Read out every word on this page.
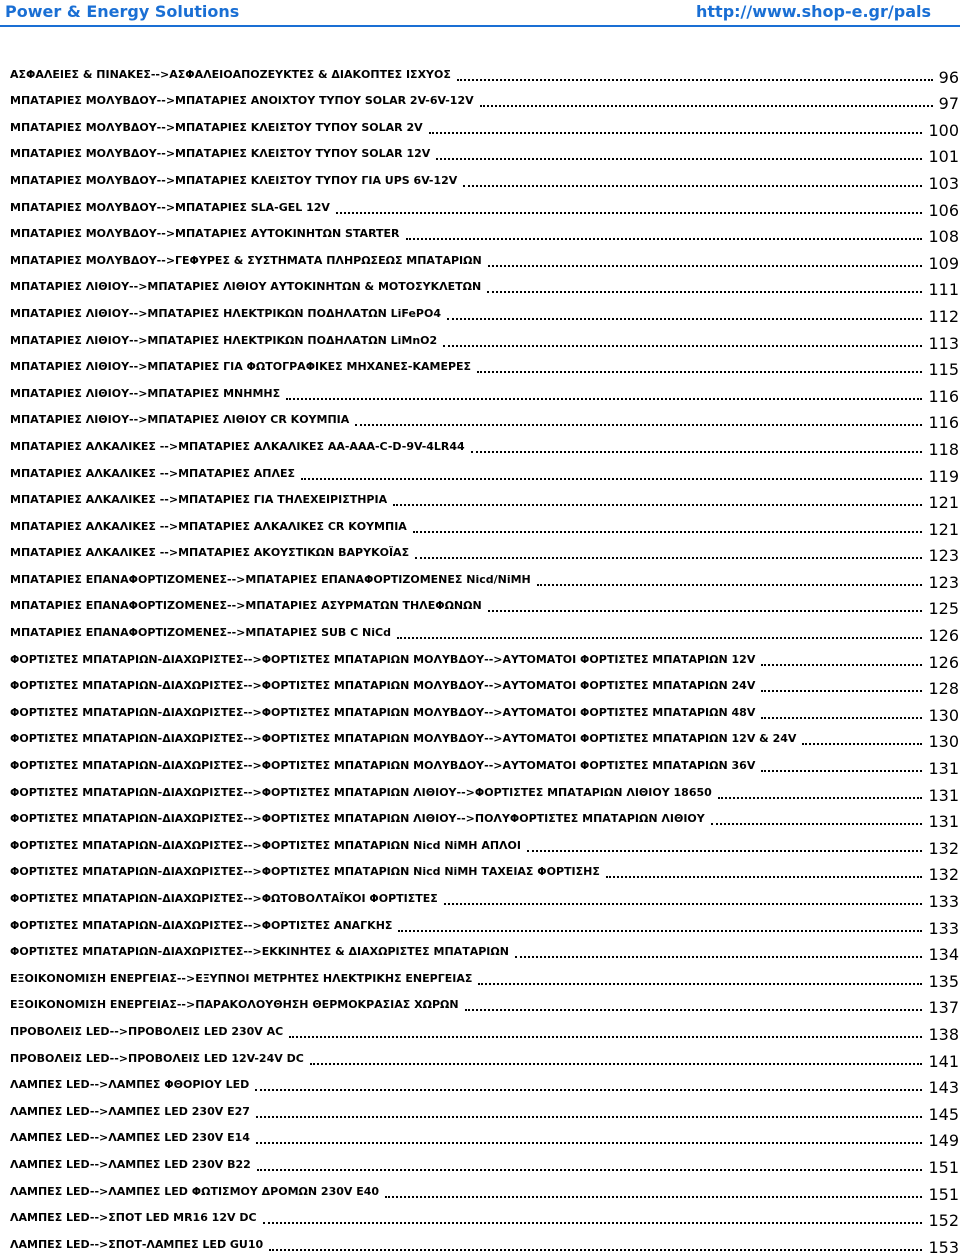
Power & Energy Solutions	http://www.shop-e.gr/pals
ΑΣΦΑΛΕΙΕΣ & ΠΙΝΑΚΕΣ-->ΑΣΦΑΛΕΙΟΑΠΟΖΕΥΚΤΕΣ & ΔΙΑΚΟΠΤΕΣ ΙΣΧΥΟΣ	96
ΜΠΑΤΑΡΙΕΣ ΜΟΛΥΒΔΟΥ-->ΜΠΑΤΑΡΙΕΣ ΑΝΟΙΧΤΟΥ ΤΥΠΟΥ SOLAR 2V-6V-12V	97
ΜΠΑΤΑΡΙΕΣ ΜΟΛΥΒΔΟΥ-->ΜΠΑΤΑΡΙΕΣ ΚΛΕΙΣΤΟΥ ΤΥΠΟΥ SOLAR 2V	100
ΜΠΑΤΑΡΙΕΣ ΜΟΛΥΒΔΟΥ-->ΜΠΑΤΑΡΙΕΣ ΚΛΕΙΣΤΟΥ ΤΥΠΟΥ SOLAR 12V	101
ΜΠΑΤΑΡΙΕΣ ΜΟΛΥΒΔΟΥ-->ΜΠΑΤΑΡΙΕΣ ΚΛΕΙΣΤΟΥ ΤΥΠΟΥ ΓΙΑ UPS 6V-12V	103
ΜΠΑΤΑΡΙΕΣ ΜΟΛΥΒΔΟΥ-->ΜΠΑΤΑΡΙΕΣ SLA-GEL 12V	106
ΜΠΑΤΑΡΙΕΣ ΜΟΛΥΒΔΟΥ-->ΜΠΑΤΑΡΙΕΣ ΑΥΤΟΚΙΝΗΤΩΝ STARTER	108
ΜΠΑΤΑΡΙΕΣ ΜΟΛΥΒΔΟΥ-->ΓΕΦΥΡΕΣ & ΣΥΣΤΗΜΑΤΑ ΠΛΗΡΩΣΕΩΣ ΜΠΑΤΑΡΙΩΝ	109
ΜΠΑΤΑΡΙΕΣ ΛΙΘΙΟΥ-->ΜΠΑΤΑΡΙΕΣ ΛΙΘΙΟΥ ΑΥΤΟΚΙΝΗΤΩΝ & ΜΟΤΟΣΥΚΛΕΤΩΝ	111
ΜΠΑΤΑΡΙΕΣ ΛΙΘΙΟΥ-->ΜΠΑΤΑΡΙΕΣ ΗΛΕΚΤΡΙΚΩΝ ΠΟΔΗΛΑΤΩΝ LiFePO4	112
ΜΠΑΤΑΡΙΕΣ ΛΙΘΙΟΥ-->ΜΠΑΤΑΡΙΕΣ ΗΛΕΚΤΡΙΚΩΝ ΠΟΔΗΛΑΤΩΝ LiMnO2	113
ΜΠΑΤΑΡΙΕΣ ΛΙΘΙΟΥ-->ΜΠΑΤΑΡΙΕΣ ΓΙΑ ΦΩΤΟΓΡΑΦΙΚΕΣ ΜΗΧΑΝΕΣ-ΚΑΜΕΡΕΣ	115
ΜΠΑΤΑΡΙΕΣ ΛΙΘΙΟΥ-->ΜΠΑΤΑΡΙΕΣ ΜΝΗΜΗΣ	116
ΜΠΑΤΑΡΙΕΣ ΛΙΘΙΟΥ-->ΜΠΑΤΑΡΙΕΣ ΛΙΘΙΟΥ CR ΚΟΥΜΠΙΑ	116
ΜΠΑΤΑΡΙΕΣ ΑΛΚΑΛΙΚΕΣ -->ΜΠΑΤΑΡΙΕΣ ΑΛΚΑΛΙΚΕΣ AA-AAA-C-D-9V-4LR44	118
ΜΠΑΤΑΡΙΕΣ ΑΛΚΑΛΙΚΕΣ -->ΜΠΑΤΑΡΙΕΣ ΑΠΛΕΣ	119
ΜΠΑΤΑΡΙΕΣ ΑΛΚΑΛΙΚΕΣ -->ΜΠΑΤΑΡΙΕΣ ΓΙΑ ΤΗΛΕΧΕΙΡΙΣΤΗΡΙΑ	121
ΜΠΑΤΑΡΙΕΣ ΑΛΚΑΛΙΚΕΣ -->ΜΠΑΤΑΡΙΕΣ ΑΛΚΑΛΙΚΕΣ CR ΚΟΥΜΠΙΑ	121
ΜΠΑΤΑΡΙΕΣ ΑΛΚΑΛΙΚΕΣ -->ΜΠΑΤΑΡΙΕΣ ΑΚΟΥΣΤΙΚΩΝ ΒΑΡΥΚΟΪΑΣ	123
ΜΠΑΤΑΡΙΕΣ ΕΠΑΝΑΦΟΡΤΙΖΟΜΕΝΕΣ-->ΜΠΑΤΑΡΙΕΣ ΕΠΑΝΑΦΟΡΤΙΖΟΜΕΝΕΣ Nicd/NiMH	123
ΜΠΑΤΑΡΙΕΣ ΕΠΑΝΑΦΟΡΤΙΖΟΜΕΝΕΣ-->ΜΠΑΤΑΡΙΕΣ ΑΣΥΡΜΑΤΩΝ ΤΗΛΕΦΩΝΩΝ	125
ΜΠΑΤΑΡΙΕΣ ΕΠΑΝΑΦΟΡΤΙΖΟΜΕΝΕΣ-->ΜΠΑΤΑΡΙΕΣ SUB C NiCd	126
ΦΟΡΤΙΣΤΕΣ ΜΠΑΤΑΡΙΩΝ-ΔΙΑΧΩΡΙΣΤΕΣ-->ΦΟΡΤΙΣΤΕΣ ΜΠΑΤΑΡΙΩΝ ΜΟΛΥΒΔΟΥ-->ΑΥΤΟΜΑΤΟΙ ΦΟΡΤΙΣΤΕΣ ΜΠΑΤΑΡΙΩΝ 12V	126
ΦΟΡΤΙΣΤΕΣ ΜΠΑΤΑΡΙΩΝ-ΔΙΑΧΩΡΙΣΤΕΣ-->ΦΟΡΤΙΣΤΕΣ ΜΠΑΤΑΡΙΩΝ ΜΟΛΥΒΔΟΥ-->ΑΥΤΟΜΑΤΟΙ ΦΟΡΤΙΣΤΕΣ ΜΠΑΤΑΡΙΩΝ 24V	128
ΦΟΡΤΙΣΤΕΣ ΜΠΑΤΑΡΙΩΝ-ΔΙΑΧΩΡΙΣΤΕΣ-->ΦΟΡΤΙΣΤΕΣ ΜΠΑΤΑΡΙΩΝ ΜΟΛΥΒΔΟΥ-->ΑΥΤΟΜΑΤΟΙ ΦΟΡΤΙΣΤΕΣ ΜΠΑΤΑΡΙΩΝ 48V	130
ΦΟΡΤΙΣΤΕΣ ΜΠΑΤΑΡΙΩΝ-ΔΙΑΧΩΡΙΣΤΕΣ-->ΦΟΡΤΙΣΤΕΣ ΜΠΑΤΑΡΙΩΝ ΜΟΛΥΒΔΟΥ-->ΑΥΤΟΜΑΤΟΙ ΦΟΡΤΙΣΤΕΣ ΜΠΑΤΑΡΙΩΝ 12V & 24V	130
ΦΟΡΤΙΣΤΕΣ ΜΠΑΤΑΡΙΩΝ-ΔΙΑΧΩΡΙΣΤΕΣ-->ΦΟΡΤΙΣΤΕΣ ΜΠΑΤΑΡΙΩΝ ΜΟΛΥΒΔΟΥ-->ΑΥΤΟΜΑΤΟΙ ΦΟΡΤΙΣΤΕΣ ΜΠΑΤΑΡΙΩΝ 36V	131
ΦΟΡΤΙΣΤΕΣ ΜΠΑΤΑΡΙΩΝ-ΔΙΑΧΩΡΙΣΤΕΣ-->ΦΟΡΤΙΣΤΕΣ ΜΠΑΤΑΡΙΩΝ ΛΙΘΙΟΥ-->ΦΟΡΤΙΣΤΕΣ ΜΠΑΤΑΡΙΩΝ ΛΙΘΙΟΥ 18650	131
ΦΟΡΤΙΣΤΕΣ ΜΠΑΤΑΡΙΩΝ-ΔΙΑΧΩΡΙΣΤΕΣ-->ΦΟΡΤΙΣΤΕΣ ΜΠΑΤΑΡΙΩΝ ΛΙΘΙΟΥ-->ΠΟΛΥΦΟΡΤΙΣΤΕΣ ΜΠΑΤΑΡΙΩΝ ΛΙΘΙΟΥ	131
ΦΟΡΤΙΣΤΕΣ ΜΠΑΤΑΡΙΩΝ-ΔΙΑΧΩΡΙΣΤΕΣ-->ΦΟΡΤΙΣΤΕΣ ΜΠΑΤΑΡΙΩΝ Nicd NiMH ΑΠΛΟΙ	132
ΦΟΡΤΙΣΤΕΣ ΜΠΑΤΑΡΙΩΝ-ΔΙΑΧΩΡΙΣΤΕΣ-->ΦΟΡΤΙΣΤΕΣ ΜΠΑΤΑΡΙΩΝ Nicd NiMH ΤΑΧΕΙΑΣ ΦΟΡΤΙΣΗΣ	132
ΦΟΡΤΙΣΤΕΣ ΜΠΑΤΑΡΙΩΝ-ΔΙΑΧΩΡΙΣΤΕΣ-->ΦΩΤΟΒΟΛΤΑΪΚΟΙ ΦΟΡΤΙΣΤΕΣ	133
ΦΟΡΤΙΣΤΕΣ ΜΠΑΤΑΡΙΩΝ-ΔΙΑΧΩΡΙΣΤΕΣ-->ΦΟΡΤΙΣΤΕΣ ΑΝΑΓΚΗΣ	133
ΦΟΡΤΙΣΤΕΣ ΜΠΑΤΑΡΙΩΝ-ΔΙΑΧΩΡΙΣΤΕΣ-->ΕΚΚΙΝΗΤΕΣ & ΔΙΑΧΩΡΙΣΤΕΣ ΜΠΑΤΑΡΙΩΝ	134
ΕΞΟΙΚΟΝΟΜΙΣΗ ΕΝΕΡΓΕΙΑΣ-->ΕΞΥΠΝΟΙ ΜΕΤΡΗΤΕΣ ΗΛΕΚΤΡΙΚΗΣ ΕΝΕΡΓΕΙΑΣ	135
ΕΞΟΙΚΟΝΟΜΙΣΗ ΕΝΕΡΓΕΙΑΣ-->ΠΑΡΑΚΟΛΟΥΘΗΣΗ ΘΕΡΜΟΚΡΑΣΙΑΣ ΧΩΡΩΝ	137
ΠΡΟΒΟΛΕΙΣ LED-->ΠΡΟΒΟΛΕΙΣ LED 230V AC	138
ΠΡΟΒΟΛΕΙΣ LED-->ΠΡΟΒΟΛΕΙΣ LED 12V-24V DC	141
ΛΑΜΠΕΣ LED-->ΛΑΜΠΕΣ ΦΘΟΡΙΟΥ LED	143
ΛΑΜΠΕΣ LED-->ΛΑΜΠΕΣ LED 230V E27	145
ΛΑΜΠΕΣ LED-->ΛΑΜΠΕΣ LED 230V E14	149
ΛΑΜΠΕΣ LED-->ΛΑΜΠΕΣ LED 230V B22	151
ΛΑΜΠΕΣ LED-->ΛΑΜΠΕΣ LED ΦΩΤΙΣΜΟΥ ΔΡΟΜΩΝ 230V E40	151
ΛΑΜΠΕΣ LED-->ΣΠΟΤ LED MR16 12V DC	152
ΛΑΜΠΕΣ LED-->ΣΠΟΤ-ΛΑΜΠΕΣ LED GU10	153
